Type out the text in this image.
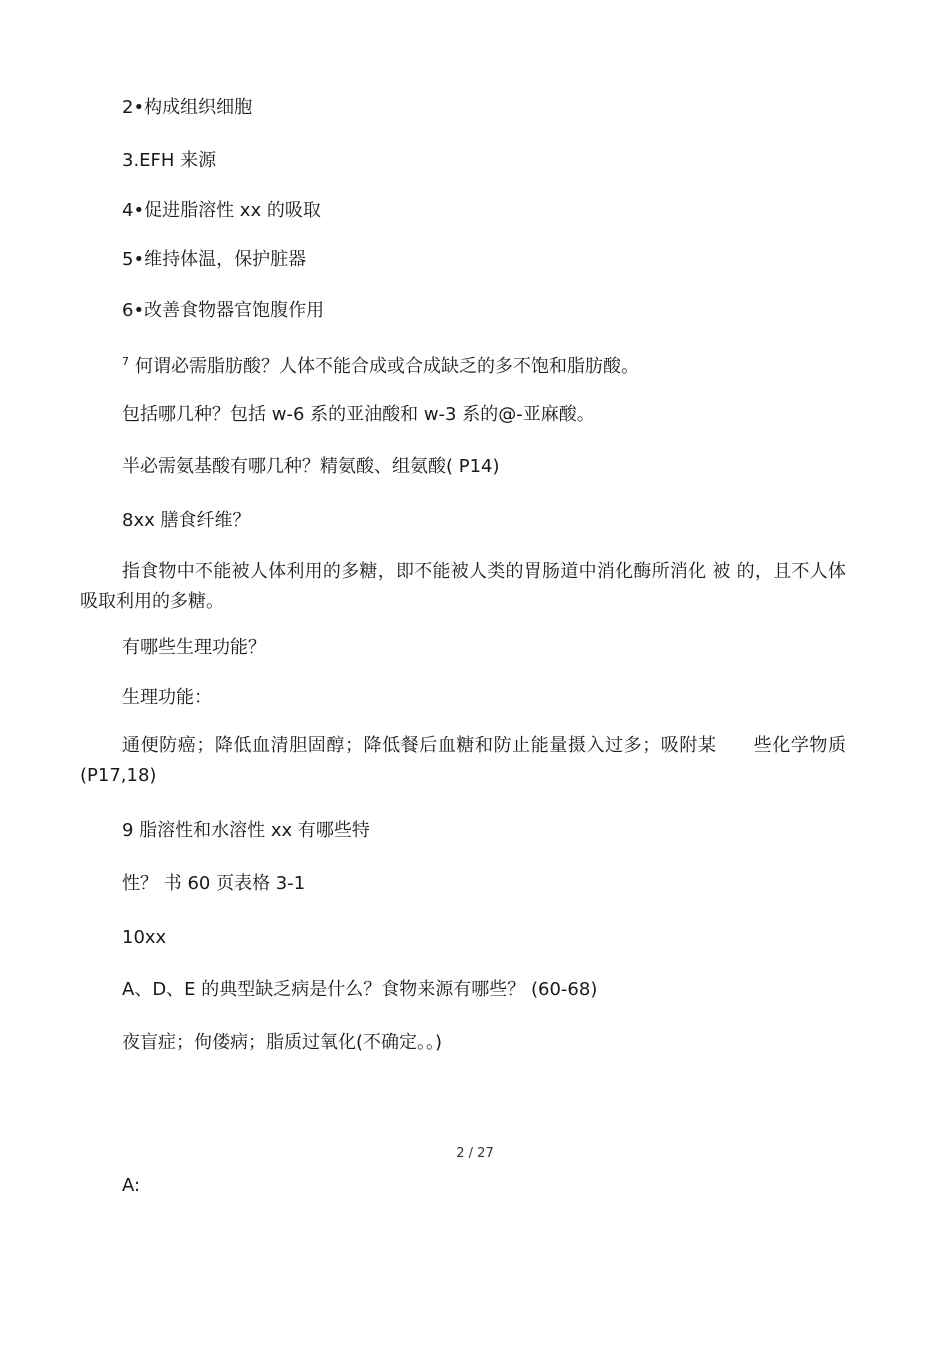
2•构成组织细胞

3.EFH 来源

4•促进脂溶性 xx 的吸取

5•维持体温，保护脏器

6•改善食物器官饱腹作用

$^7$ 何谓必需脂肪酸？人体不能合成或合成缺乏的多不饱和脂肪酸。

包括哪几种？包括 w-6 系的亚油酸和 w-3 系的@-亚麻酸。

半必需氨基酸有哪几种？精氨酸、组氨酸( P14)

8xx 膳食纤维？

指食物中不能被人体利用的多糖，即不能被人类的胃肠道中消化酶所消化 被 的，且不人体吸取利用的多糖。

有哪些生理功能？

生理功能：

通便防癌；降低血清胆固醇；降低餐后血糖和防止能量摄入过多；吸附某　　些化学物质(P17,18)

9 脂溶性和水溶性 xx 有哪些特

性？ 书 60 页表格 3-1

10xx

A、D、E 的典型缺乏病是什么？食物来源有哪些？ (60-68)

夜盲症；佝偻病；脂质过氧化(不确定。。)

2 / 27

A:
